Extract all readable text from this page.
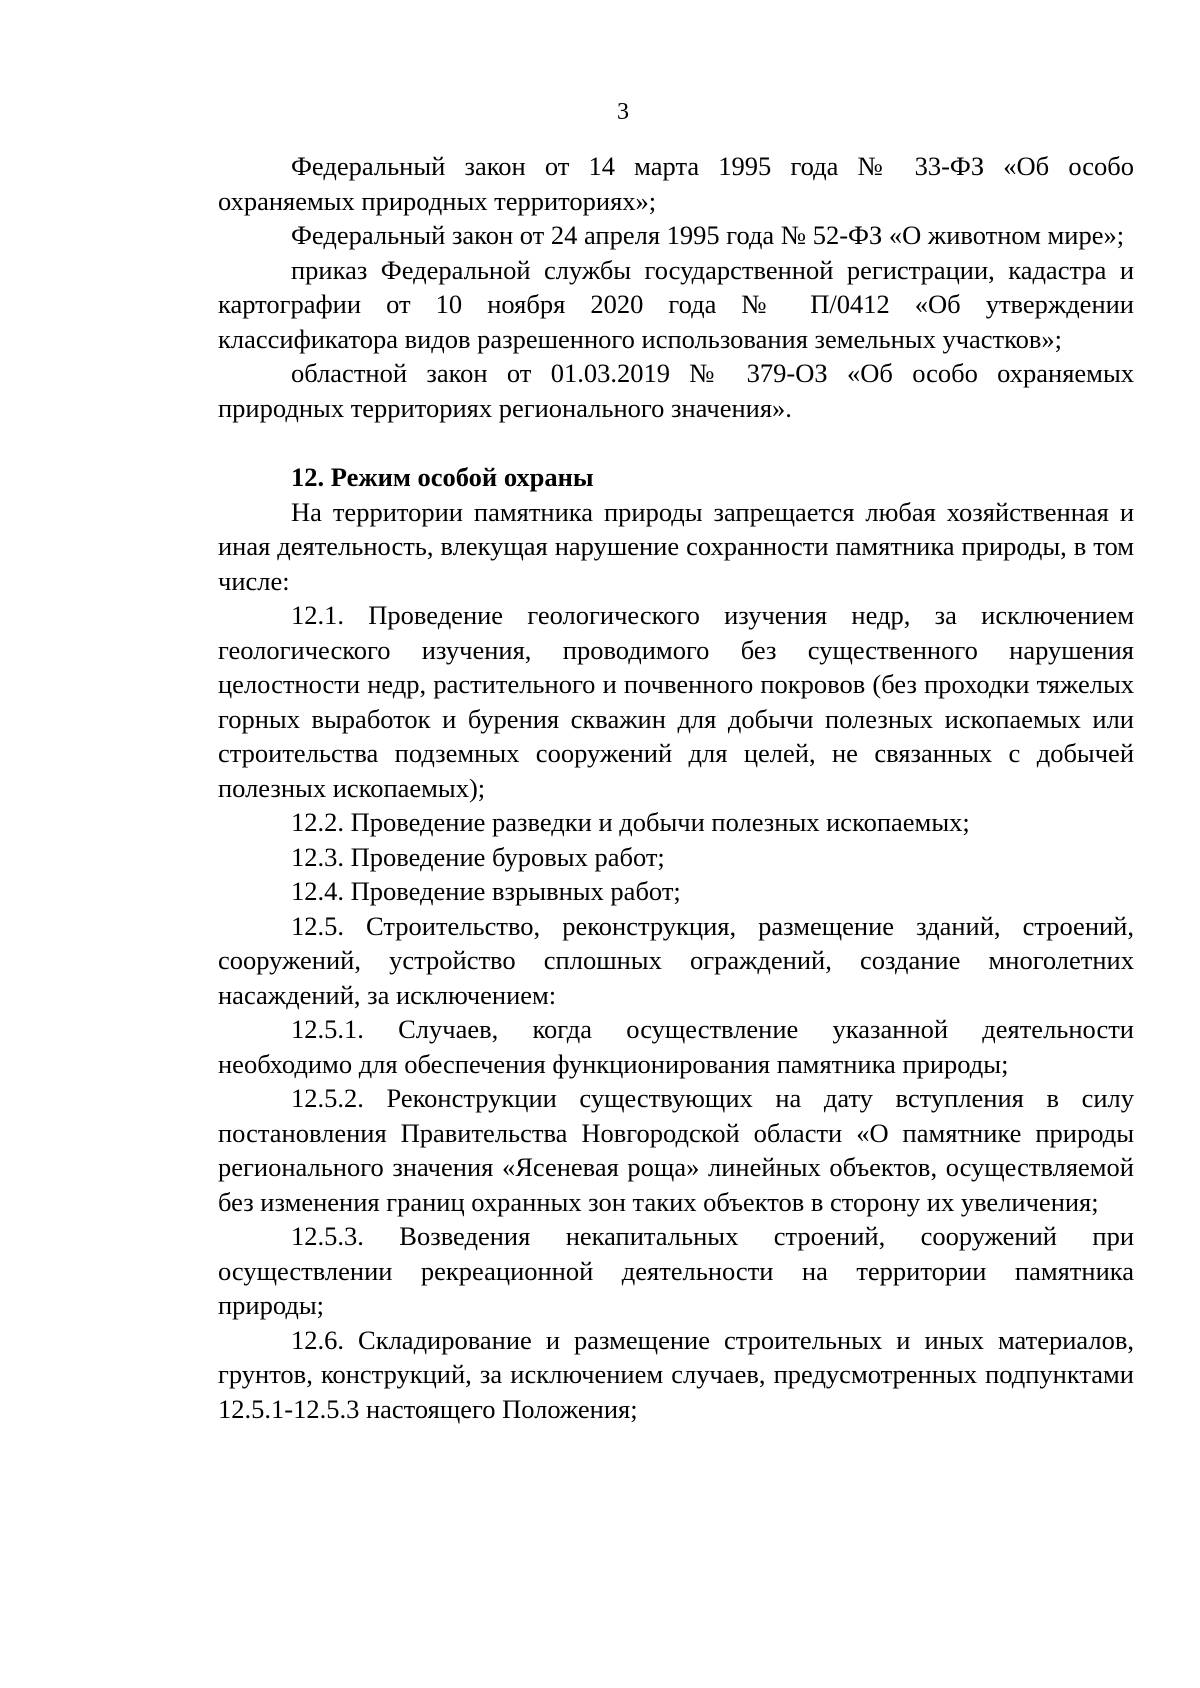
3

Федеральный закон от 14 марта 1995 года № 33-ФЗ «Об особо охраняемых природных территориях»;

Федеральный закон от 24 апреля 1995 года № 52-ФЗ «О животном мире»;

приказ Федеральной службы государственной регистрации, кадастра и картографии от 10 ноября 2020 года № П/0412 «Об утверждении классификатора видов разрешенного использования земельных участков»;

областной закон от 01.03.2019 № 379-ОЗ «Об особо охраняемых природных территориях регионального значения».

12. Режим особой охраны

На территории памятника природы запрещается любая хозяйственная и иная деятельность, влекущая нарушение сохранности памятника природы, в том числе:

12.1. Проведение геологического изучения недр, за исключением геологического изучения, проводимого без существенного нарушения целостности недр, растительного и почвенного покровов (без проходки тяжелых горных выработок и бурения скважин для добычи полезных ископаемых или строительства подземных сооружений для целей, не связанных с добычей полезных ископаемых);

12.2. Проведение разведки и добычи полезных ископаемых;

12.3. Проведение буровых работ;

12.4. Проведение взрывных работ;

12.5. Строительство, реконструкция, размещение зданий, строений, сооружений, устройство сплошных ограждений, создание многолетних насаждений, за исключением:

12.5.1. Случаев, когда осуществление указанной деятельности необходимо для обеспечения функционирования памятника природы;

12.5.2. Реконструкции существующих на дату вступления в силу постановления Правительства Новгородской области «О памятнике природы регионального значения «Ясеневая роща» линейных объектов, осуществляемой без изменения границ охранных зон таких объектов в сторону их увеличения;

12.5.3. Возведения некапитальных строений, сооружений при осуществлении рекреационной деятельности на территории памятника природы;

12.6. Складирование и размещение строительных и иных материалов, грунтов, конструкций, за исключением случаев, предусмотренных подпунктами 12.5.1-12.5.3 настоящего Положения;
